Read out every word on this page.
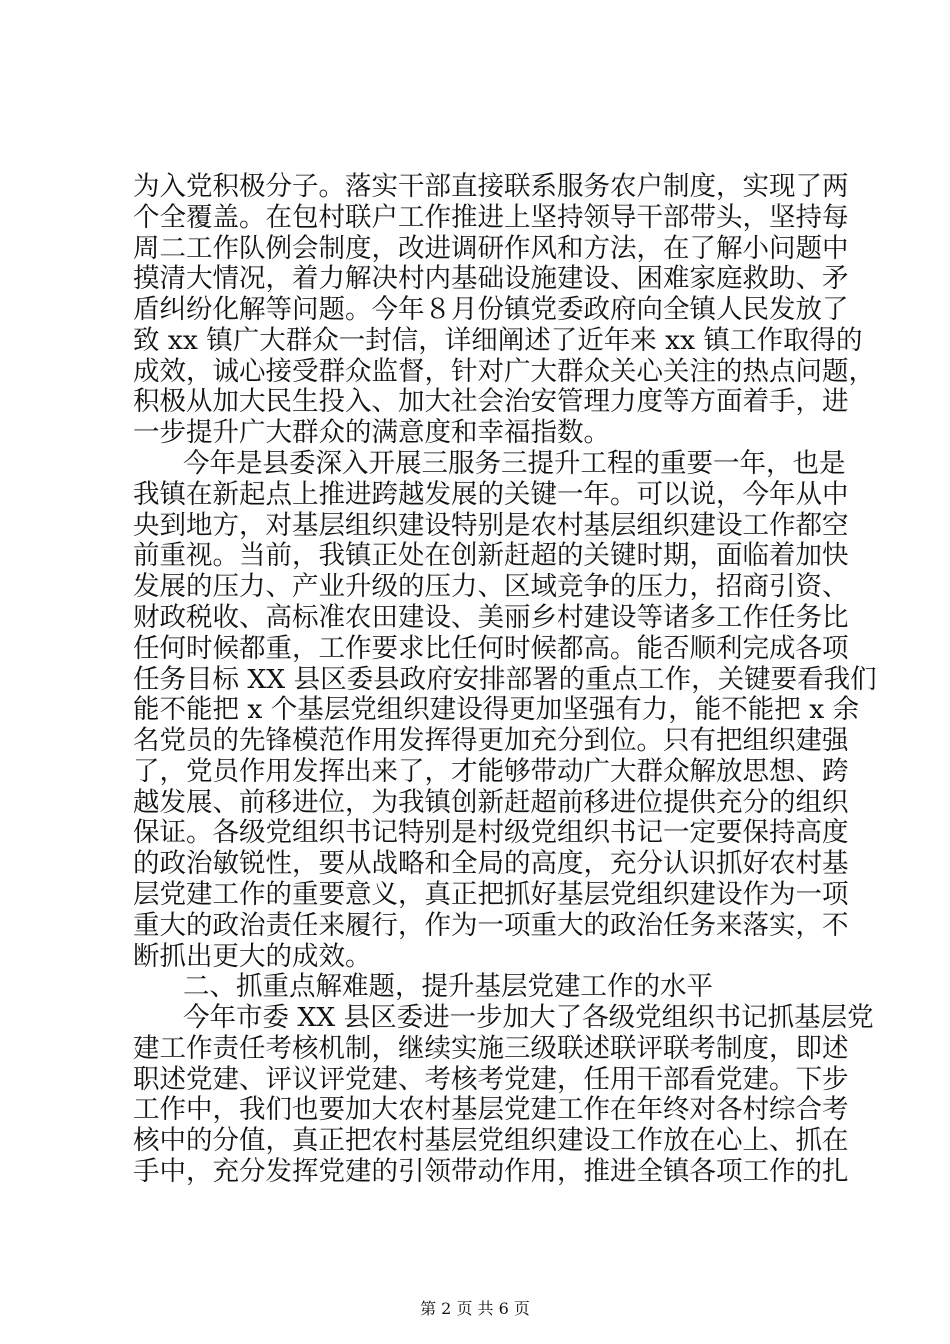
为入党积极分子。落实干部直接联系服务农户制度，实现了两
个全覆盖。在包村联户工作推进上坚持领导干部带头，坚持每
周二工作队例会制度，改进调研作风和方法，在了解小问题中
摸清大情况，着力解决村内基础设施建设、困难家庭救助、矛
盾纠纷化解等问题。今年８月份镇党委政府向全镇人民发放了
致 xx 镇广大群众一封信，详细阐述了近年来 xx 镇工作取得的
成效，诚心接受群众监督，针对广大群众关心关注的热点问题，
积极从加大民生投入、加大社会治安管理力度等方面着手，进
一步提升广大群众的满意度和幸福指数。
今年是县委深入开展三服务三提升工程的重要一年，也是
我镇在新起点上推进跨越发展的关键一年。可以说，今年从中
央到地方，对基层组织建设特别是农村基层组织建设工作都空
前重视。当前，我镇正处在创新赶超的关键时期，面临着加快
发展的压力、产业升级的压力、区域竞争的压力，招商引资、
财政税收、高标准农田建设、美丽乡村建设等诸多工作任务比
任何时候都重，工作要求比任何时候都高。能否顺利完成各项
任务目标 XX 县区委县政府安排部署的重点工作，关键要看我们
能不能把 x 个基层党组织建设得更加坚强有力，能不能把 x 余
名党员的先锋模范作用发挥得更加充分到位。只有把组织建强
了，党员作用发挥出来了，才能够带动广大群众解放思想、跨
越发展、前移进位，为我镇创新赶超前移进位提供充分的组织
保证。各级党组织书记特别是村级党组织书记一定要保持高度
的政治敏锐性，要从战略和全局的高度，充分认识抓好农村基
层党建工作的重要意义，真正把抓好基层党组织建设作为一项
重大的政治责任来履行，作为一项重大的政治任务来落实，不
断抓出更大的成效。
二、抓重点解难题，提升基层党建工作的水平
今年市委 XX 县区委进一步加大了各级党组织书记抓基层党
建工作责任考核机制，继续实施三级联述联评联考制度，即述
职述党建、评议评党建、考核考党建，任用干部看党建。下步
工作中，我们也要加大农村基层党建工作在年终对各村综合考
第 2 页 共 6 页
核中的分值，真正把农村基层党组织建设工作放在心上、抓在
手中，充分发挥党建的引领带动作用，推进全镇各项工作的扎
